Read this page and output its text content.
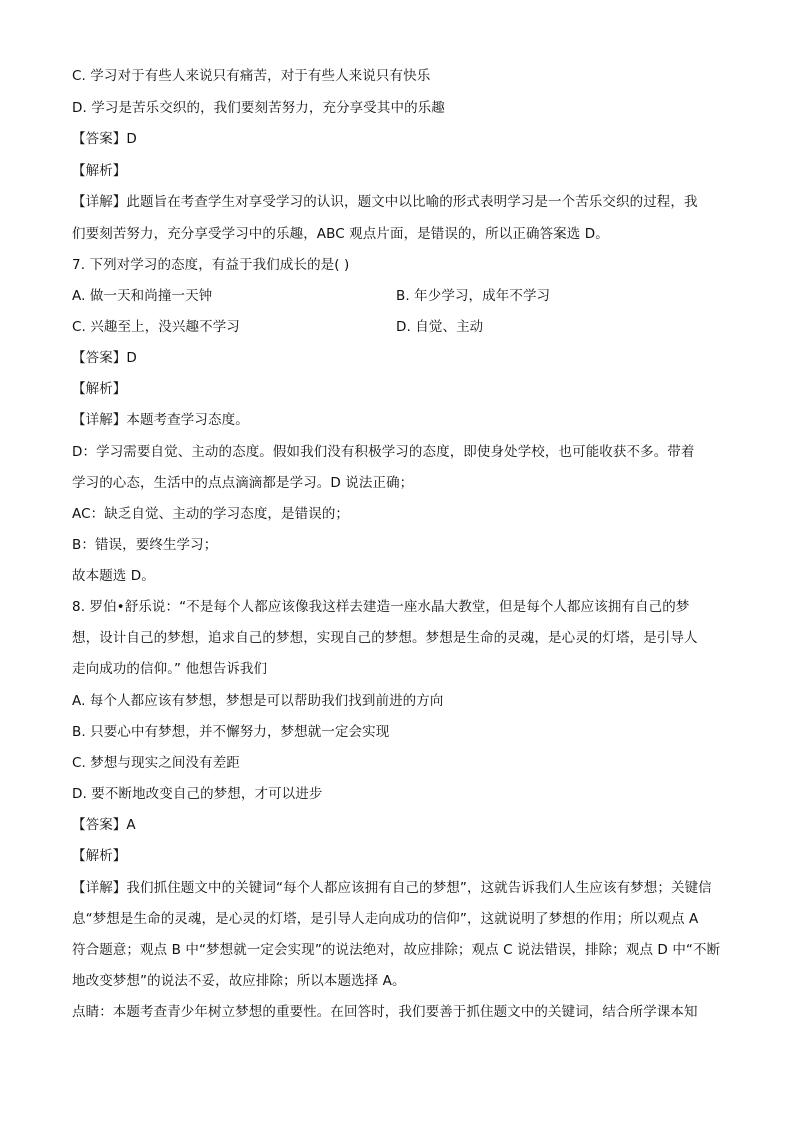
C. 学习对于有些人来说只有痛苦，对于有些人来说只有快乐
D. 学习是苦乐交织的，我们要刻苦努力，充分享受其中的乐趣
【答案】D
【解析】
【详解】此题旨在考查学生对享受学习的认识，题文中以比喻的形式表明学习是一个苦乐交织的过程，我
们要刻苦努力，充分享受学习中的乐趣，ABC 观点片面，是错误的，所以正确答案选 D。
7. 下列对学习的态度，有益于我们成长的是( )
A. 做一天和尚撞一天钟	B. 年少学习，成年不学习
C. 兴趣至上，没兴趣不学习	D. 自觉、主动
【答案】D
【解析】
【详解】本题考查学习态度。
D：学习需要自觉、主动的态度。假如我们没有积极学习的态度，即使身处学校，也可能收获不多。带着
学习的心态，生活中的点点滴滴都是学习。D 说法正确；
AC：缺乏自觉、主动的学习态度，是错误的；
B：错误，要终生学习；
故本题选 D。
8. 罗伯•舒乐说：“不是每个人都应该像我这样去建造一座水晶大教堂，但是每个人都应该拥有自己的梦
想，设计自己的梦想，追求自己的梦想，实现自己的梦想。梦想是生命的灵魂，是心灵的灯塔，是引导人
走向成功的信仰。” 他想告诉我们
A. 每个人都应该有梦想，梦想是可以帮助我们找到前进的方向
B. 只要心中有梦想，并不懈努力，梦想就一定会实现
C. 梦想与现实之间没有差距
D. 要不断地改变自己的梦想，才可以进步
【答案】A
【解析】
【详解】我们抓住题文中的关键词“每个人都应该拥有自己的梦想”，这就告诉我们人生应该有梦想；关键信
息“梦想是生命的灵魂，是心灵的灯塔，是引导人走向成功的信仰”，这就说明了梦想的作用；所以观点 A
符合题意；观点 B 中“梦想就一定会实现”的说法绝对，故应排除；观点 C 说法错误，排除；观点 D 中“不断
地改变梦想”的说法不妥，故应排除；所以本题选择 A。
点睛：本题考查青少年树立梦想的重要性。在回答时，我们要善于抓住题文中的关键词，结合所学课本知
